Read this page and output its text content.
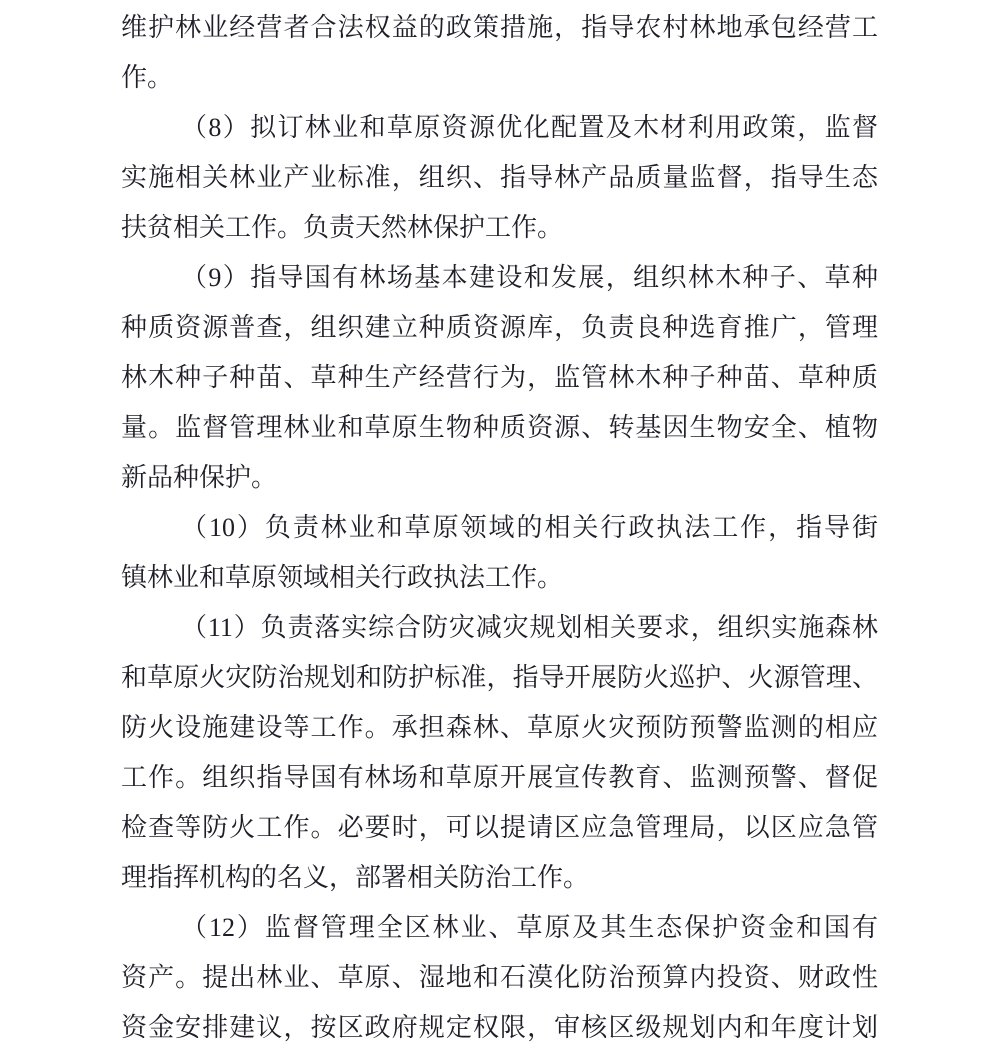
维护林业经营者合法权益的政策措施，指导农村林地承包经营工
作。
（8）拟订林业和草原资源优化配置及木材利用政策，监督
实施相关林业产业标准，组织、指导林产品质量监督，指导生态
扶贫相关工作。负责天然林保护工作。
（9）指导国有林场基本建设和发展，组织林木种子、草种
种质资源普查，组织建立种质资源库，负责良种选育推广，管理
林木种子种苗、草种生产经营行为，监管林木种子种苗、草种质
量。监督管理林业和草原生物种质资源、转基因生物安全、植物
新品种保护。
（10）负责林业和草原领域的相关行政执法工作，指导街
镇林业和草原领域相关行政执法工作。
（11）负责落实综合防灾减灾规划相关要求，组织实施森林
和草原火灾防治规划和防护标准，指导开展防火巡护、火源管理、
防火设施建设等工作。承担森林、草原火灾预防预警监测的相应
工作。组织指导国有林场和草原开展宣传教育、监测预警、督促
检查等防火工作。必要时，可以提请区应急管理局，以区应急管
理指挥机构的名义，部署相关防治工作。
（12）监督管理全区林业、草原及其生态保护资金和国有
资产。提出林业、草原、湿地和石漠化防治预算内投资、财政性
资金安排建议，按区政府规定权限，审核区级规划内和年度计划
